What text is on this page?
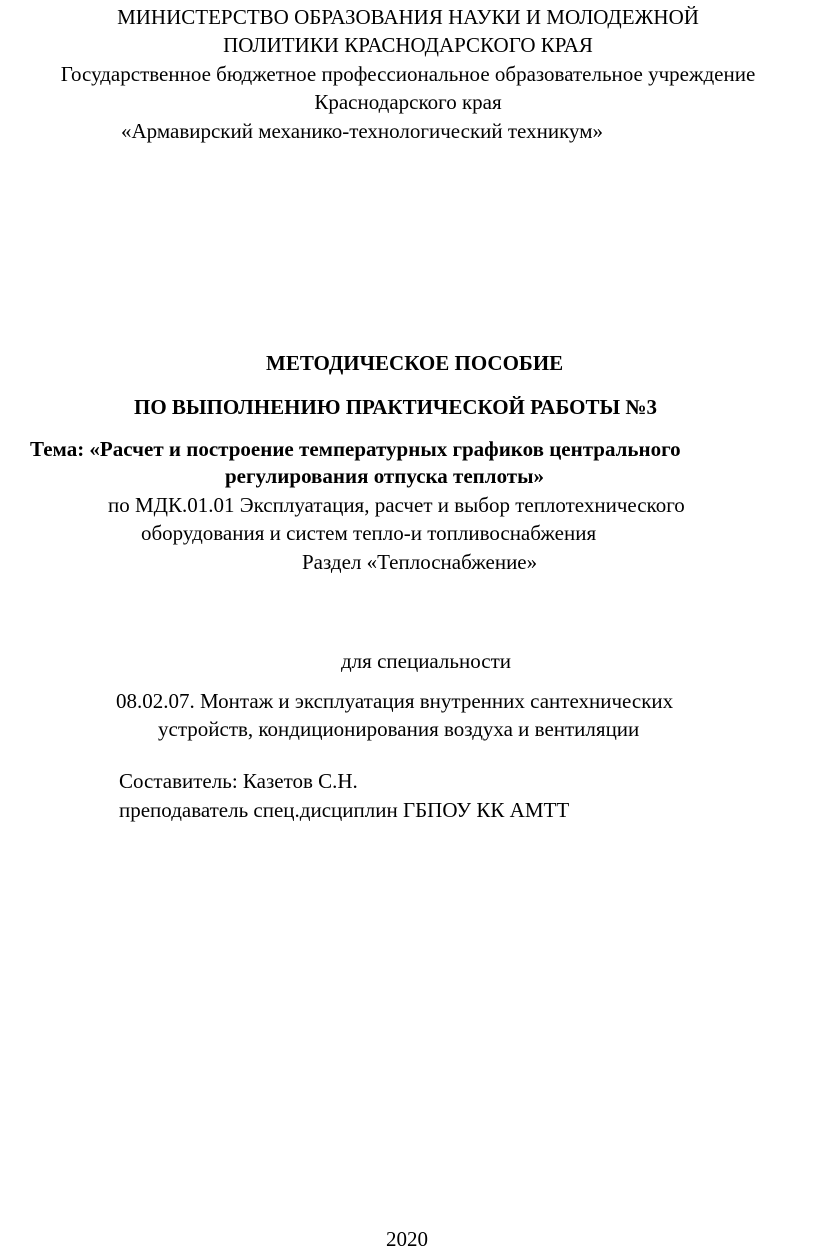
МИНИСТЕРСТВО ОБРАЗОВАНИЯ НАУКИ И МОЛОДЕЖНОЙ
ПОЛИТИКИ КРАСНОДАРСКОГО КРАЯ
Государственное бюджетное профессиональное образовательное учреждение
Краснодарского края
«Армавирский механико-технологический техникум»
МЕТОДИЧЕСКОЕ ПОСОБИЕ
ПО ВЫПОЛНЕНИЮ ПРАКТИЧЕСКОЙ РАБОТЫ №3
Тема: «Расчет и построение температурных графиков центрального
регулирования отпуска теплоты»
по МДК.01.01 Эксплуатация, расчет и выбор теплотехнического
оборудования и систем тепло-и топливоснабжения
Раздел «Теплоснабжение»
для специальности
08.02.07. Монтаж и эксплуатация внутренних сантехнических
устройств, кондиционирования воздуха и вентиляции
Составитель: Казетов С.Н.
преподаватель спец.дисциплин ГБПОУ КК АМТТ
2020
